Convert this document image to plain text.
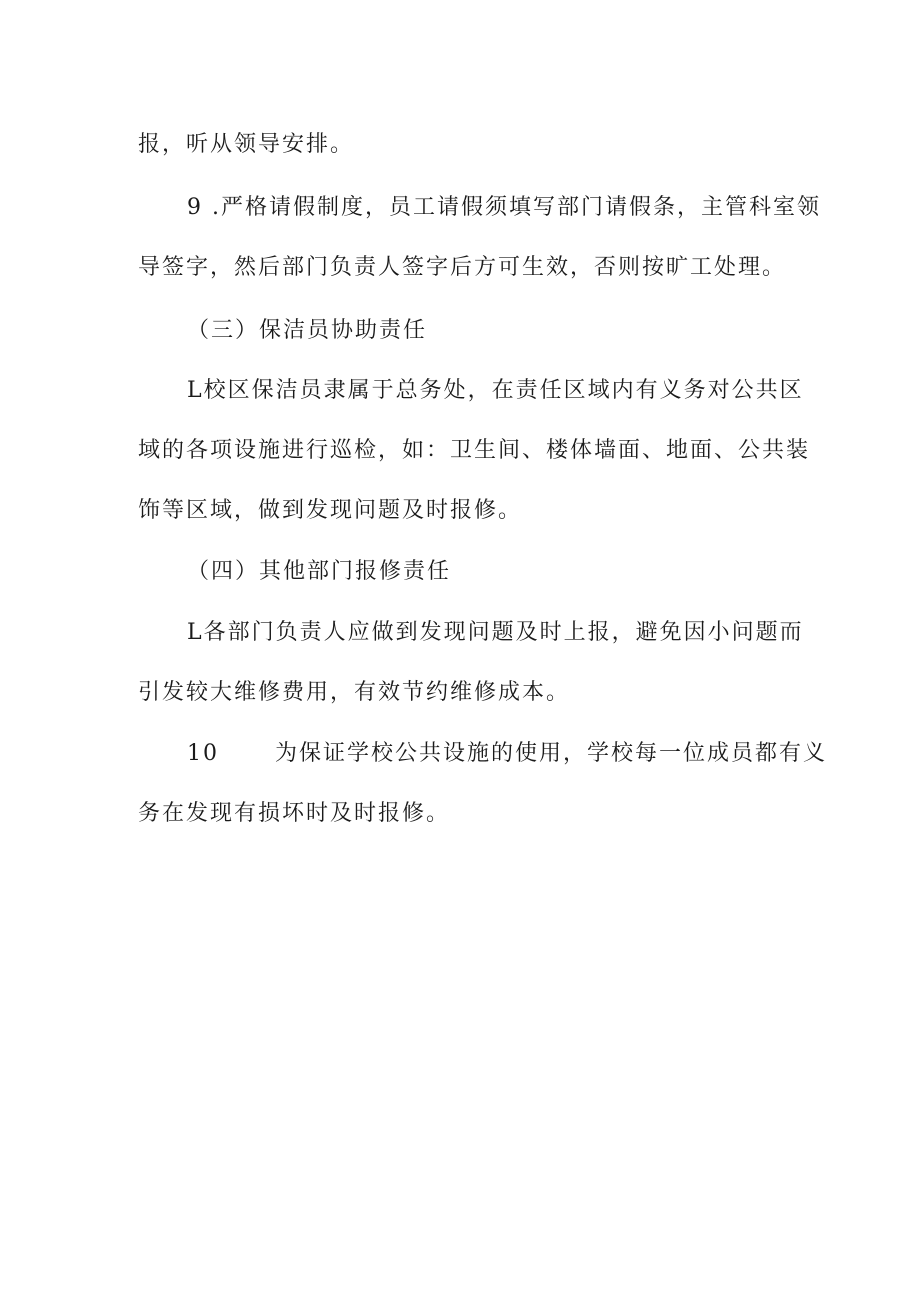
报，听从领导安排。
9 .严格请假制度，员工请假须填写部门请假条，主管科室领
导签字，然后部门负责人签字后方可生效，否则按旷工处理。
（三）保洁员协助责任
L校区保洁员隶属于总务处，在责任区域内有义务对公共区
域的各项设施进行巡检，如：卫生间、楼体墙面、地面、公共装
饰等区域，做到发现问题及时报修。
（四）其他部门报修责任
L各部门负责人应做到发现问题及时上报，避免因小问题而
引发较大维修费用，有效节约维修成本。
10	为保证学校公共设施的使用，学校每一位成员都有义
务在发现有损坏时及时报修。
